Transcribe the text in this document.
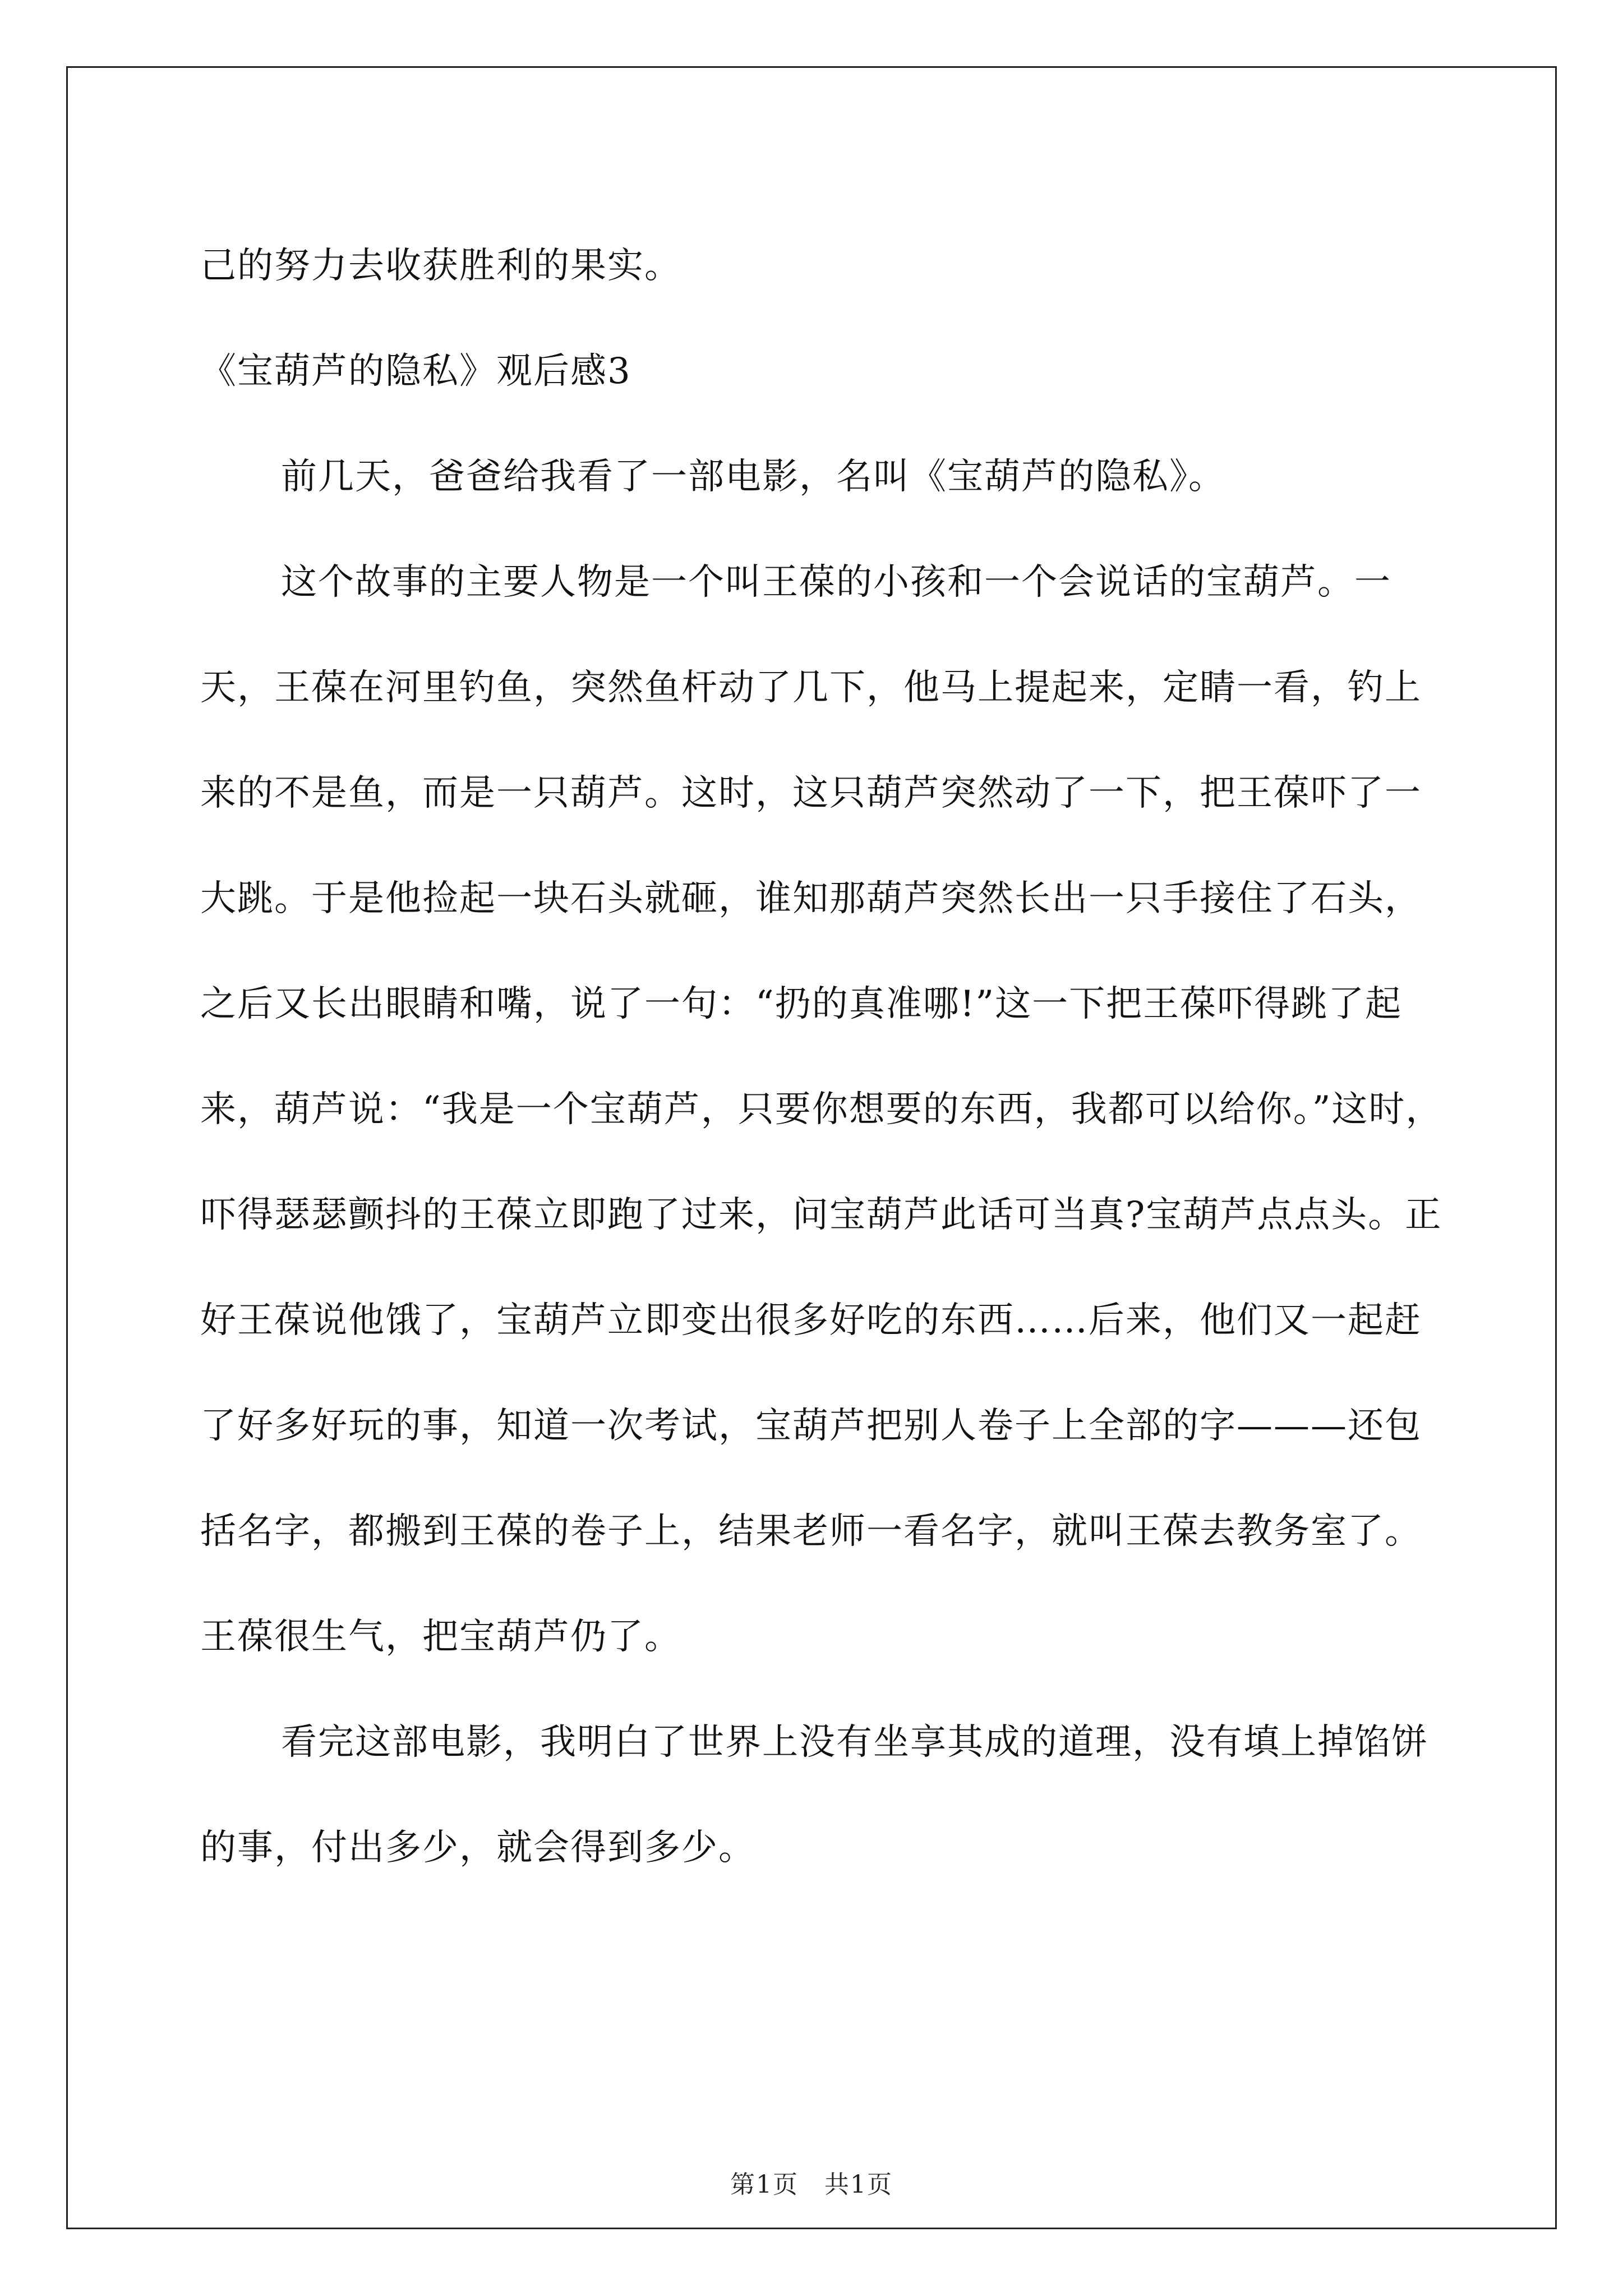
己的努力去收获胜利的果实。

《宝葫芦的隐私》观后感3

前几天，爸爸给我看了一部电影，名叫《宝葫芦的隐私》。

这个故事的主要人物是一个叫王葆的小孩和一个会说话的宝葫芦。一天，王葆在河里钓鱼，突然鱼杆动了几下，他马上提起来，定睛一看，钓上来的不是鱼，而是一只葫芦。这时，这只葫芦突然动了一下，把王葆吓了一大跳。于是他捡起一块石头就砸，谁知那葫芦突然长出一只手接住了石头，之后又长出眼睛和嘴，说了一句：“扔的真准哪!”这一下把王葆吓得跳了起来，葫芦说：“我是一个宝葫芦，只要你想要的东西，我都可以给你。”这时，吓得瑟瑟颤抖的王葆立即跑了过来，问宝葫芦此话可当真?宝葫芦点点头。正好王葆说他饿了，宝葫芦立即变出很多好吃的东西……后来，他们又一起赶了好多好玩的事，知道一次考试，宝葫芦把别人卷子上全部的字———还包括名字，都搬到王葆的卷子上，结果老师一看名字，就叫王葆去教务室了。王葆很生气，把宝葫芦仍了。

看完这部电影，我明白了世界上没有坐享其成的道理，没有填上掉馅饼的事，付出多少，就会得到多少。

第1页　共1页
